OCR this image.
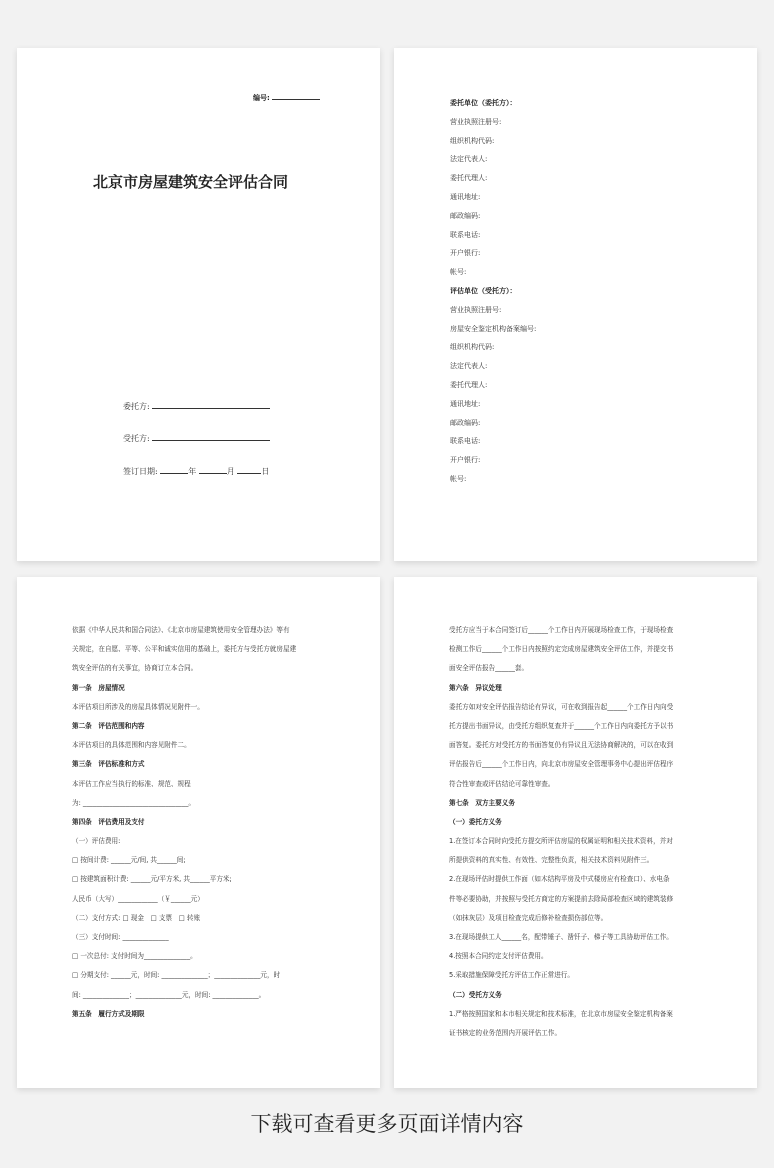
编号:
北京市房屋建筑安全评估合同
委托方:
受托方:
签订日期:	年	月	日
委托单位（委托方）：
营业执照注册号:
组织机构代码:
法定代表人:
委托代理人:
通讯地址:
邮政编码:
联系电话:
开户银行:
帐号:
评估单位（受托方）：
营业执照注册号:
房屋安全鉴定机构备案编号:
组织机构代码:
法定代表人:
委托代理人:
通讯地址:
邮政编码:
联系电话:
开户银行:
帐号:
依据《中华人民共和国合同法》、《北京市房屋建筑使用安全管理办法》等有
关规定，在自愿、平等、公平和诚实信用的基础上，委托方与受托方就房屋建
筑安全评估的有关事宜，协商订立本合同。
第一条　房屋情况
本评估项目所涉及的房屋具体情况见附件一。
第二条　评估范围和内容
本评估项目的具体范围和内容见附件二。
第三条　评估标准和方式
本评估工作应当执行的标准、规范、规程
为: ________________________________。
第四条　评估费用及支付
（一）评估费用:
□ 按间计费: ______元/间, 共______间;
□ 按建筑面积计费: ______元/平方米, 共______平方米;
人民币（大写）____________（￥______元）
（二）支付方式: □ 现金　□ 支票　□ 转账
（三）支付时间: ______________
□ 一次总付: 支付时间为______________。
□ 分期支付: ______元，时间: ______________；______________元，时
间: ______________；______________元，时间: ______________。
第五条　履行方式及期限
受托方应当于本合同签订后______个工作日内开展现场检查工作，于现场检查
检测工作后______个工作日内按照约定完成房屋建筑安全评估工作，并提交书
面安全评估报告______套。
第六条　异议处理
委托方如对安全评估报告结论有异议，可在收到报告起______个工作日内向受
托方提出书面异议，由受托方组织复查并于______个工作日内向委托方予以书
面答复。委托方对受托方的书面答复仍有异议且无法协商解决的，可以在收到
评估报告后______个工作日内，向北京市房屋安全管理事务中心提出评估程序
符合性审查或评估结论可靠性审查。
第七条　双方主要义务
（一）委托方义务
1.在签订本合同时向受托方提交所评估房屋的权属证明和相关技术资料，并对
所提供资料的真实性、有效性、完整性负责，相关技术资料见附件三。
2.在现场评估时提供工作面（如木结构平房及中式楼房应有检查口）、水电条
件等必要协助，并按照与受托方商定的方案提前去除局部检查区域的建筑装修
（如抹灰层）及项目检查完成后修补检查损伤部位等。
3.在现场提供工人______名，配带锤子、凿钎子、梯子等工具协助评估工作。
4.按照本合同约定支付评估费用。
5.采取措施保障受托方评估工作正常进行。
（二）受托方义务
1.严格按照国家和本市相关规定和技术标准，在北京市房屋安全鉴定机构备案
证书核定的业务范围内开展评估工作。
下载可查看更多页面详情内容
